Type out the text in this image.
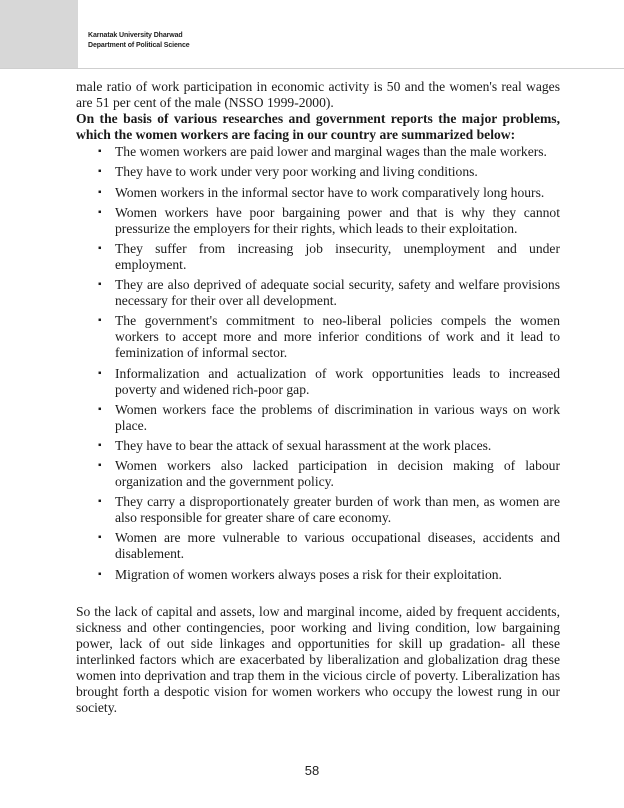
Karnatak University Dharwad
Department of Political Science

male ratio of work participation in economic activity is 50 and the women's real wages are 51 per cent of the male (NSSO 1999-2000).

On the basis of various researches and government reports the major problems, which the women workers are facing in our country are summarized below:

▪ The women workers are paid lower and marginal wages than the male workers.
▪ They have to work under very poor working and living conditions.
▪ Women workers in the informal sector have to work comparatively long hours.
▪ Women workers have poor bargaining power and that is why they cannot pressurize the employers for their rights, which leads to their exploitation.
▪ They suffer from increasing job insecurity, unemployment and under employment.
▪ They are also deprived of adequate social security, safety and welfare provisions necessary for their over all development.
▪ The government's commitment to neo-liberal policies compels the women workers to accept more and more inferior conditions of work and it lead to feminization of informal sector.
▪ Informalization and actualization of work opportunities leads to increased poverty and widened rich-poor gap.
▪ Women workers face the problems of discrimination in various ways on work place.
▪ They have to bear the attack of sexual harassment at the work places.
▪ Women workers also lacked participation in decision making of labour organization and the government policy.
▪ They carry a disproportionately greater burden of work than men, as women are also responsible for greater share of care economy.
▪ Women are more vulnerable to various occupational diseases, accidents and disablement.
▪ Migration of women workers always poses a risk for their exploitation.

So the lack of capital and assets, low and marginal income, aided by frequent accidents, sickness and other contingencies, poor working and living condition, low bargaining power, lack of out side linkages and opportunities for skill up gradation- all these interlinked factors which are exacerbated by liberalization and globalization drag these women into deprivation and trap them in the vicious circle of poverty. Liberalization has brought forth a despotic vision for women workers who occupy the lowest rung in our society.

58
